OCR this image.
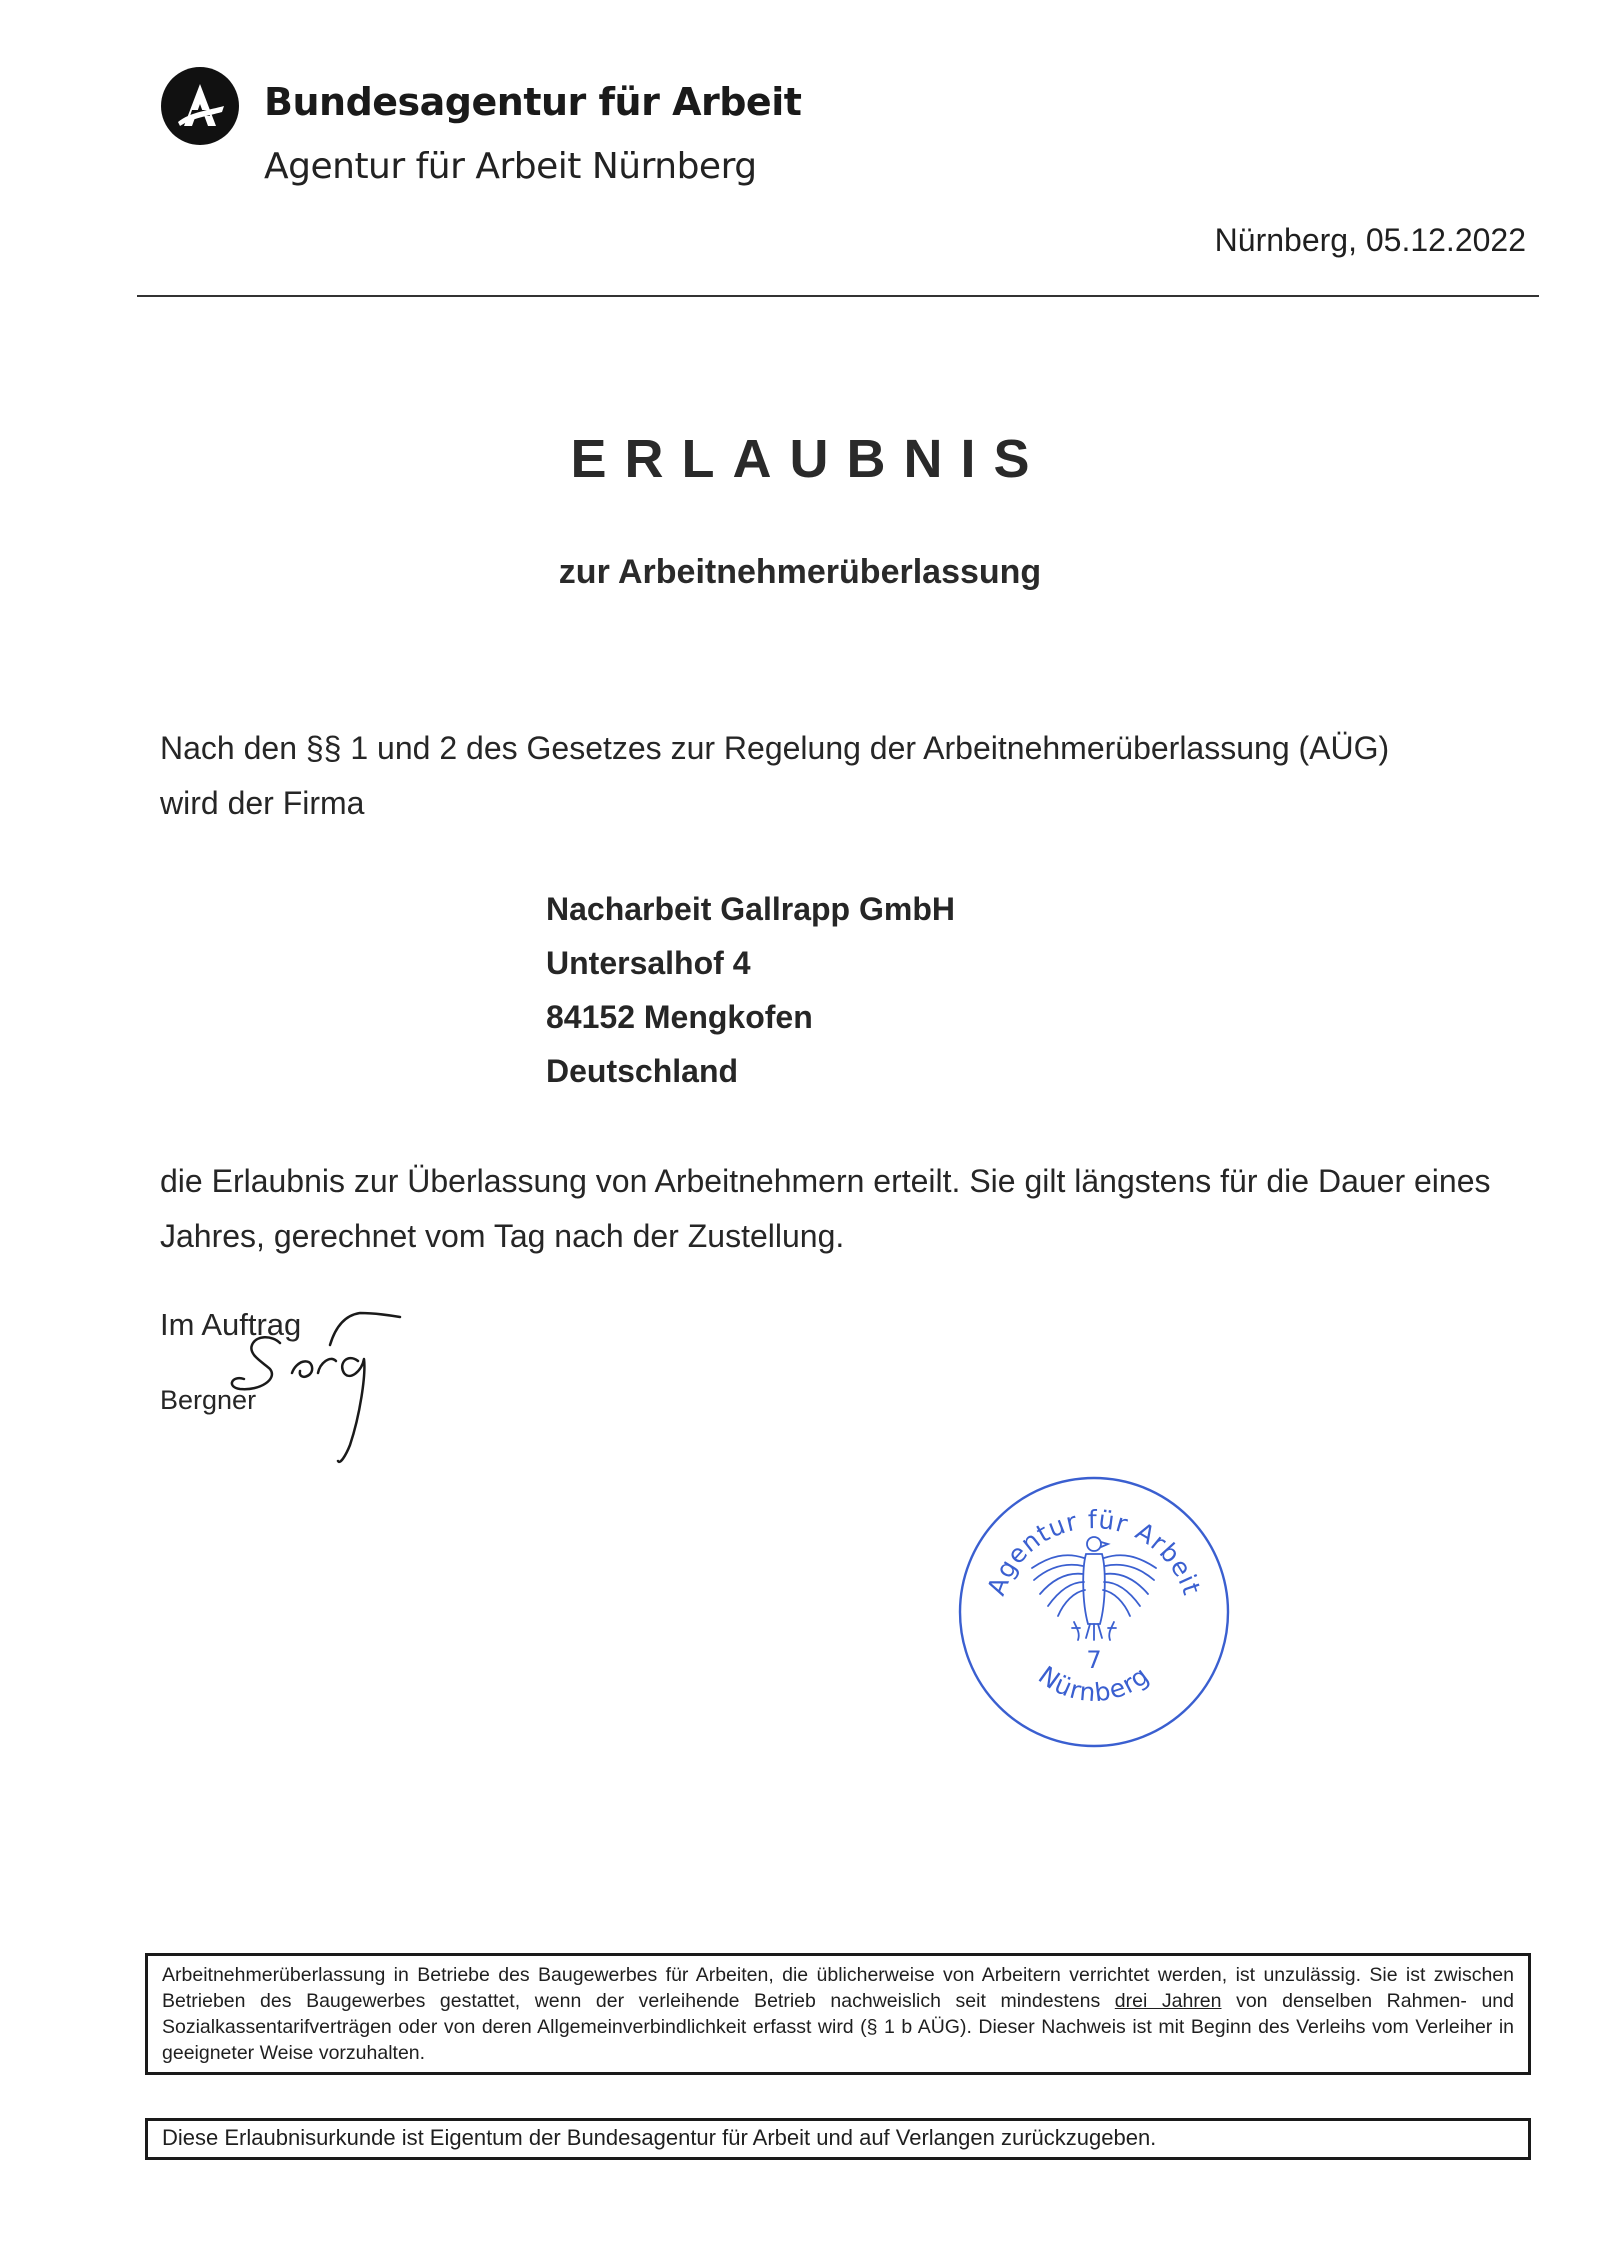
Bundesagentur für Arbeit
Agentur für Arbeit Nürnberg
Nürnberg, 05.12.2022
ERLAUBNIS
zur Arbeitnehmerüberlassung
Nach den §§ 1 und 2 des Gesetzes zur Regelung der Arbeitnehmerüberlassung (AÜG)
wird der Firma
Nacharbeit Gallrapp GmbH
Untersalhof 4
84152 Mengkofen
Deutschland
die Erlaubnis zur Überlassung von Arbeitnehmern erteilt. Sie gilt längstens für die Dauer eines
Jahres, gerechnet vom Tag nach der Zustellung.
Im Auftrag
Bergner
Agentur für Arbeit
Nürnberg
7
Arbeitnehmerüberlassung in Betriebe des Baugewerbes für Arbeiten, die üblicherweise von Arbeitern verrichtet werden, ist unzulässig. Sie ist zwischen Betrieben des Baugewerbes gestattet, wenn der verleihende Betrieb nachweislich seit mindestens drei Jahren von denselben Rahmen- und Sozialkassentarifverträgen oder von deren Allgemeinverbindlichkeit erfasst wird (§ 1 b AÜG). Dieser Nachweis ist mit Beginn des Verleihs vom Verleiher in geeigneter Weise vorzuhalten.
Diese Erlaubnisurkunde ist Eigentum der Bundesagentur für Arbeit und auf Verlangen zurückzugeben.
